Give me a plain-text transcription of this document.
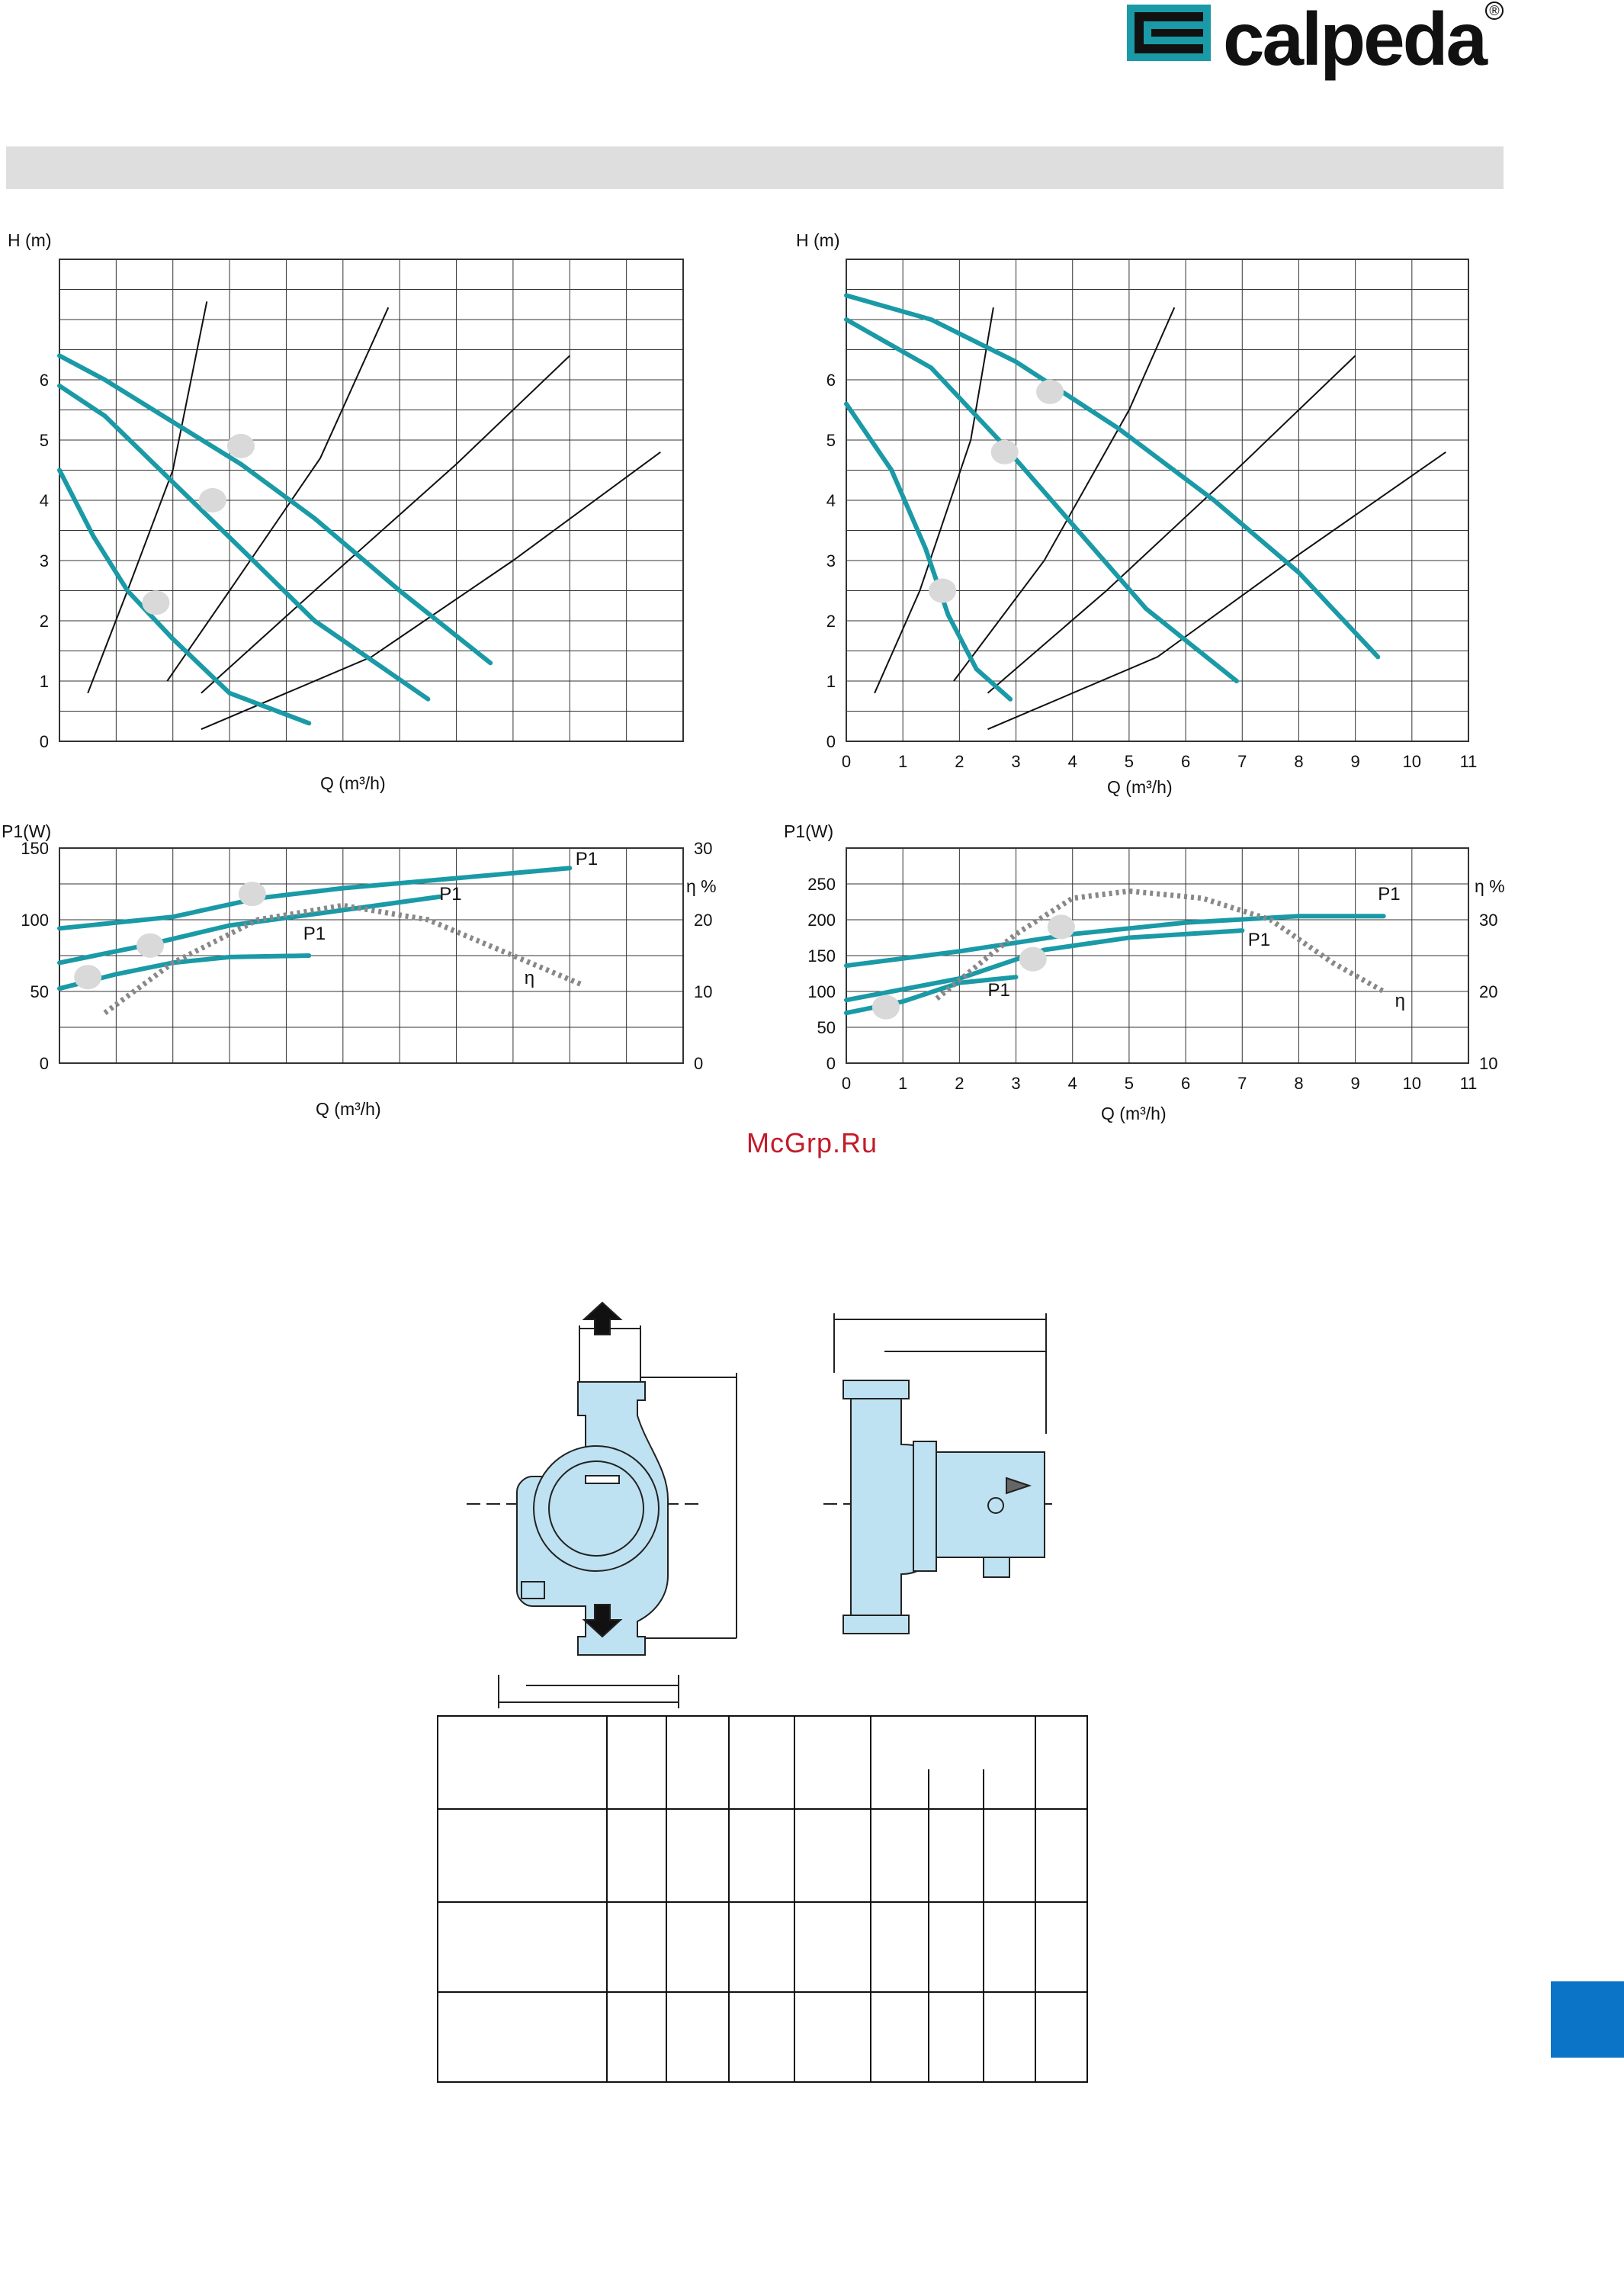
calpeda ®
H (m)
Q (m³/h)
H (m)
Q (m³/h)
P1(W)
η %
Q (m³/h)
P1(W)
η %
Q (m³/h)
0
1
2
3
4
5
6
0
1
2
3
4
5
6
0	1	2	3	4	5	6	7	8	9	10 11
0
50
100
150
0
10
20
30
P1
P1
P1
η
0
50
100
150
200
250
10
20
30
0	1	2	3	4	5	6	7	8	9	10 11
P1
P1
P1
η
McGrp.Ru
